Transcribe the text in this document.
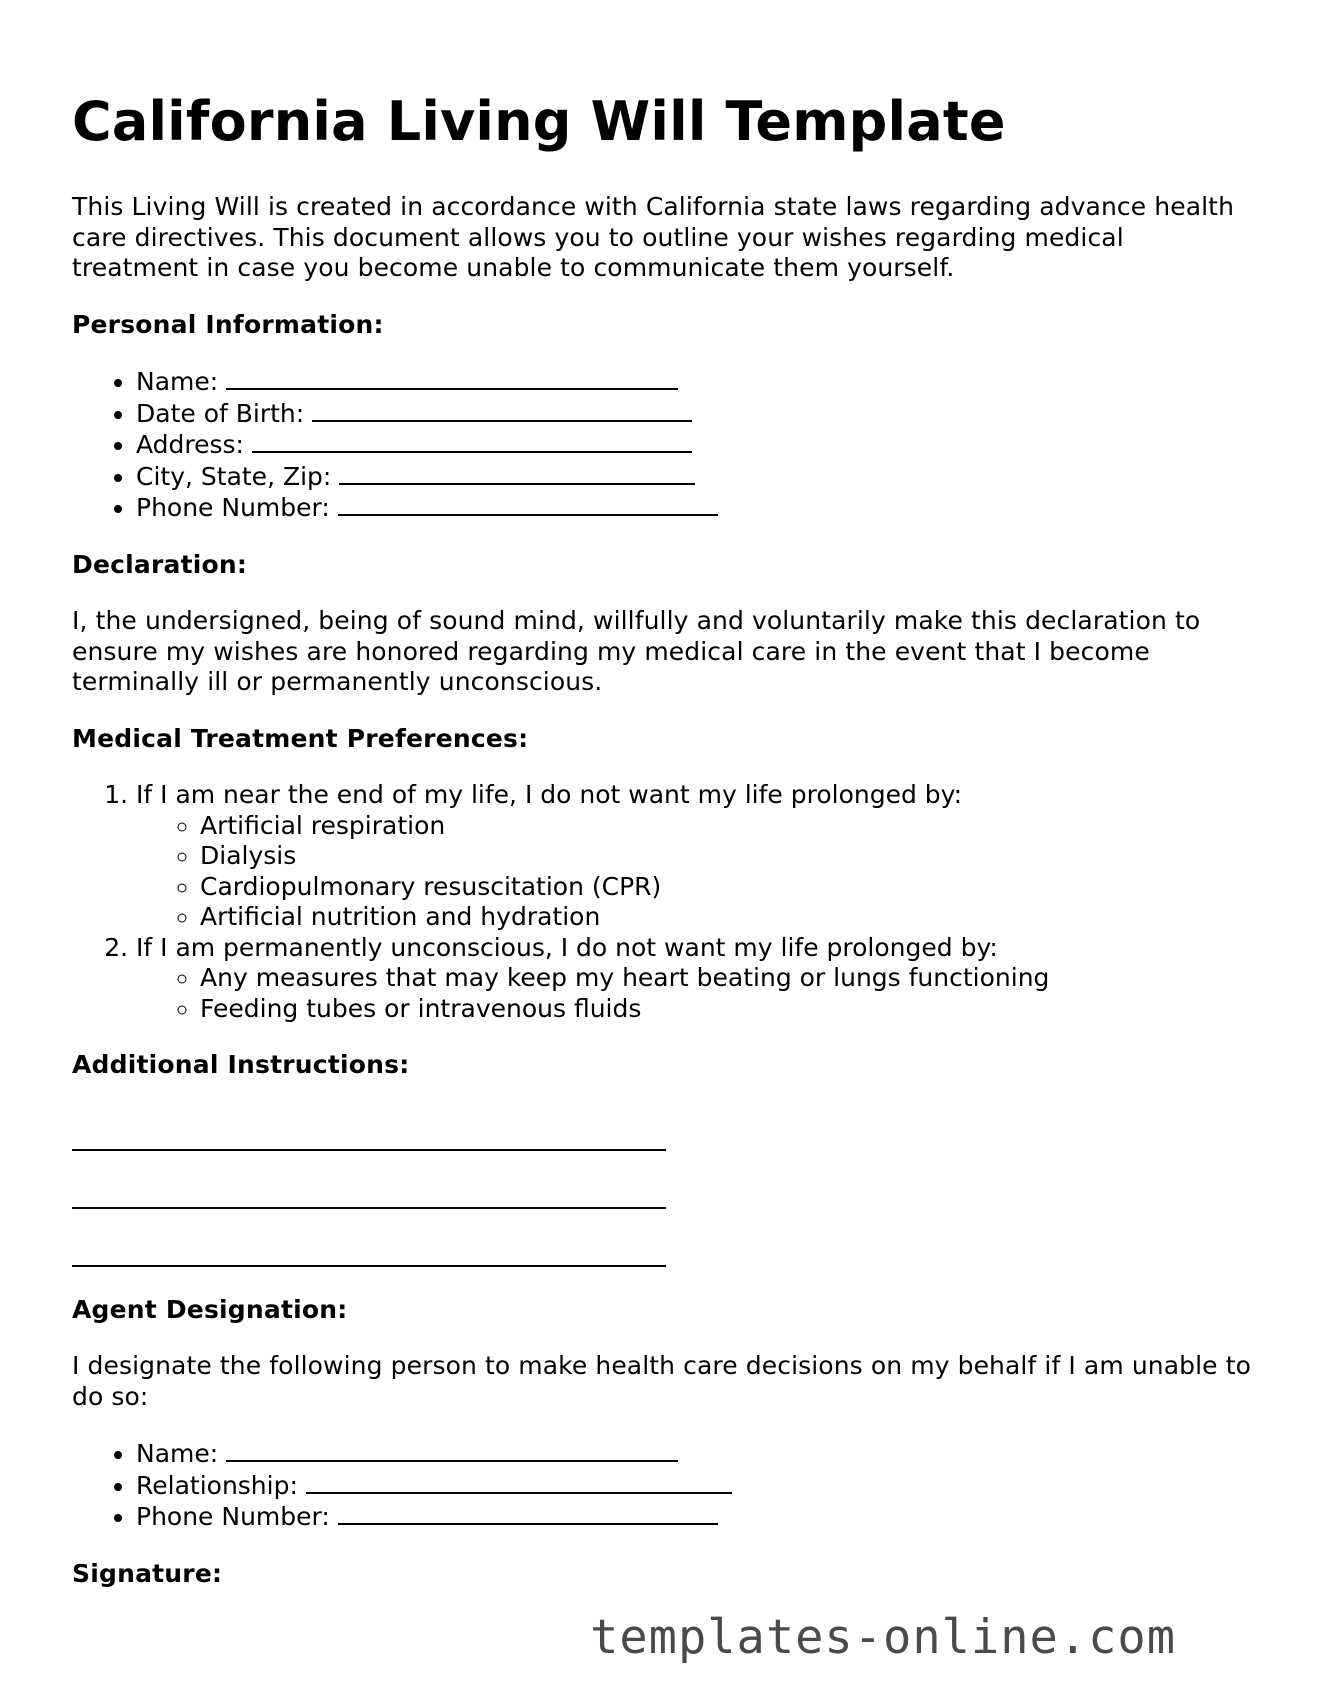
California Living Will Template

This Living Will is created in accordance with California state laws regarding advance health care directives. This document allows you to outline your wishes regarding medical treatment in case you become unable to communicate them yourself.

Personal Information:
• Name:
• Date of Birth:
• Address:
• City, State, Zip:
• Phone Number:
Declaration:

I, the undersigned, being of sound mind, willfully and voluntarily make this declaration to ensure my wishes are honored regarding my medical care in the event that I become terminally ill or permanently unconscious.

Medical Treatment Preferences:
1. If I am near the end of my life, I do not want my life prolonged by:
◦ Artificial respiration
◦ Dialysis
◦ Cardiopulmonary resuscitation (CPR)
◦ Artificial nutrition and hydration
2. If I am permanently unconscious, I do not want my life prolonged by:
◦ Any measures that may keep my heart beating or lungs functioning
◦ Feeding tubes or intravenous fluids
Additional Instructions:
Agent Designation:

I designate the following person to make health care decisions on my behalf if I am unable to do so:

• Name:
• Relationship:
• Phone Number:
Signature:
templates-online.com
